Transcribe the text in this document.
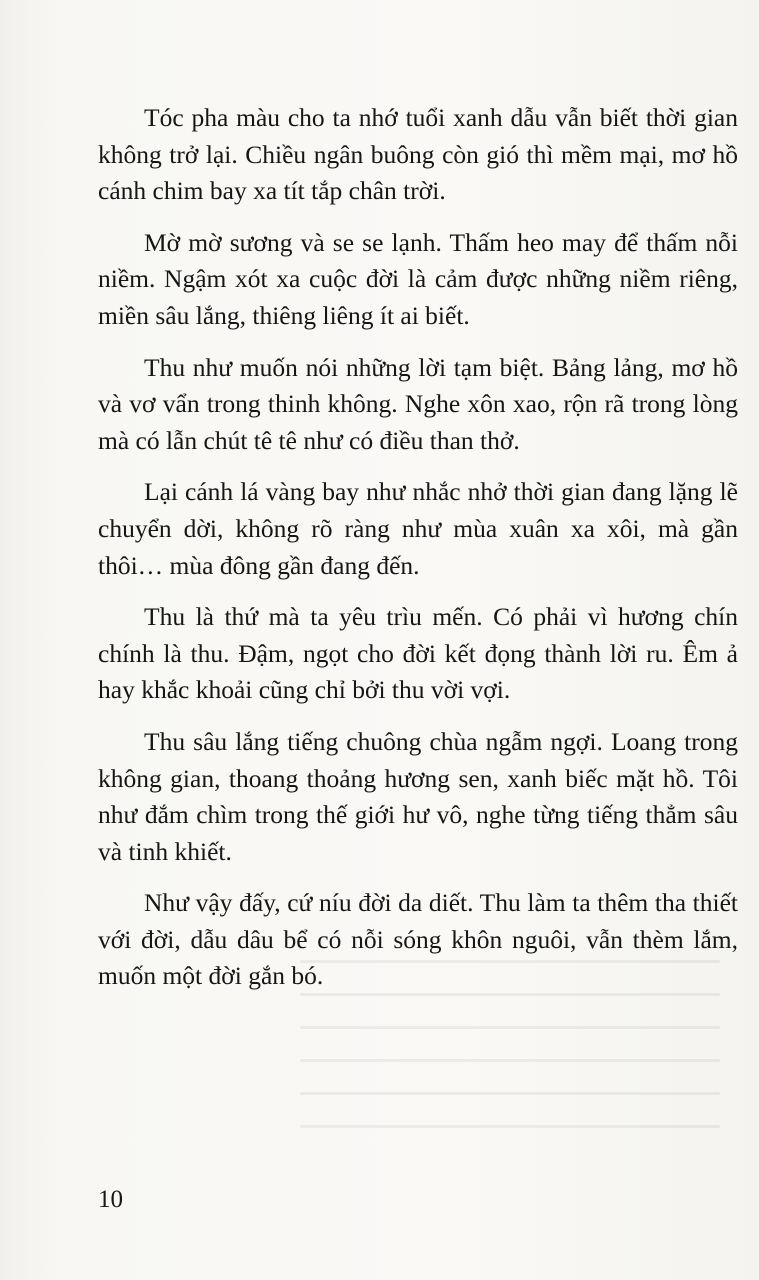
Tóc pha màu cho ta nhớ tuổi xanh dẫu vẫn biết thời gian không trở lại. Chiều ngân buông còn gió thì mềm mại, mơ hồ cánh chim bay xa tít tắp chân trời.

Mờ mờ sương và se se lạnh. Thấm heo may để thấm nỗi niềm. Ngậm xót xa cuộc đời là cảm được những niềm riêng, miền sâu lắng, thiêng liêng ít ai biết.

Thu như muốn nói những lời tạm biệt. Bảng lảng, mơ hồ và vơ vẩn trong thinh không. Nghe xôn xao, rộn rã trong lòng mà có lẫn chút tê tê như có điều than thở.

Lại cánh lá vàng bay như nhắc nhở thời gian đang lặng lẽ chuyển dời, không rõ ràng như mùa xuân xa xôi, mà gần thôi… mùa đông gần đang đến.

Thu là thứ mà ta yêu trìu mến. Có phải vì hương chín chính là thu. Đậm, ngọt cho đời kết đọng thành lời ru. Êm ả hay khắc khoải cũng chỉ bởi thu vời vợi.

Thu sâu lắng tiếng chuông chùa ngẫm ngợi. Loang trong không gian, thoang thoảng hương sen, xanh biếc mặt hồ. Tôi như đắm chìm trong thế giới hư vô, nghe từng tiếng thẳm sâu và tinh khiết.

Như vậy đấy, cứ níu đời da diết. Thu làm ta thêm tha thiết với đời, dẫu dâu bể có nỗi sóng khôn nguôi, vẫn thèm lắm, muốn một đời gắn bó.

10
